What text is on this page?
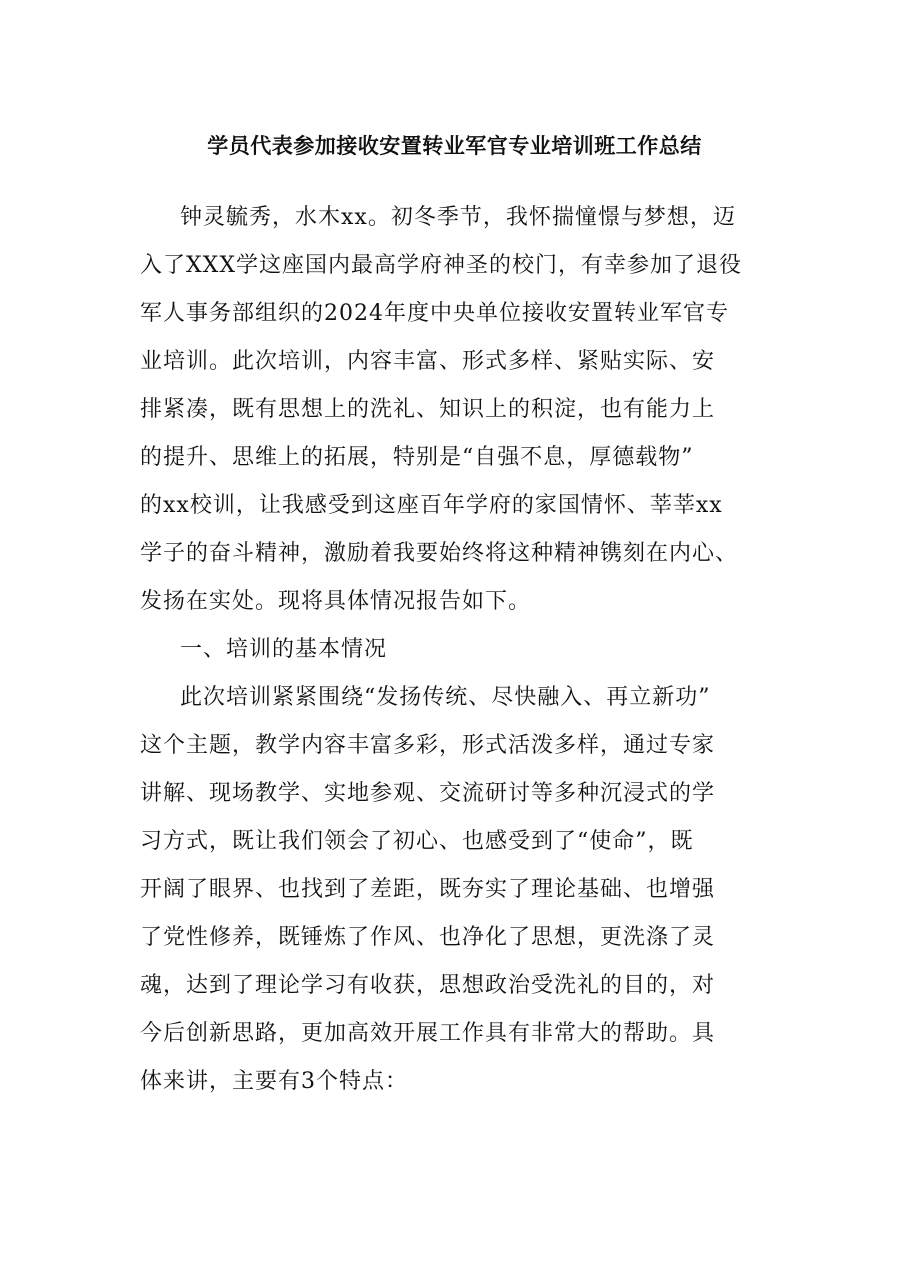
学员代表参加接收安置转业军官专业培训班工作总结
钟灵毓秀，水木xx。初冬季节，我怀揣憧憬与梦想，迈
入了XXX学这座国内最高学府神圣的校门，有幸参加了退役
军人事务部组织的2024年度中央单位接收安置转业军官专
业培训。此次培训，内容丰富、形式多样、紧贴实际、安
排紧凑，既有思想上的洗礼、知识上的积淀，也有能力上
的提升、思维上的拓展，特别是“自强不息，厚德载物”
的xx校训，让我感受到这座百年学府的家国情怀、莘莘xx
学子的奋斗精神，激励着我要始终将这种精神镌刻在内心、
发扬在实处。现将具体情况报告如下。
一、培训的基本情况
此次培训紧紧围绕“发扬传统、尽快融入、再立新功”
这个主题，教学内容丰富多彩，形式活泼多样，通过专家
讲解、现场教学、实地参观、交流研讨等多种沉浸式的学
习方式，既让我们领会了初心、也感受到了“使命”，既
开阔了眼界、也找到了差距，既夯实了理论基础、也增强
了党性修养，既锤炼了作风、也净化了思想，更洗涤了灵
魂，达到了理论学习有收获，思想政治受洗礼的目的，对
今后创新思路，更加高效开展工作具有非常大的帮助。具
体来讲，主要有3个特点：
